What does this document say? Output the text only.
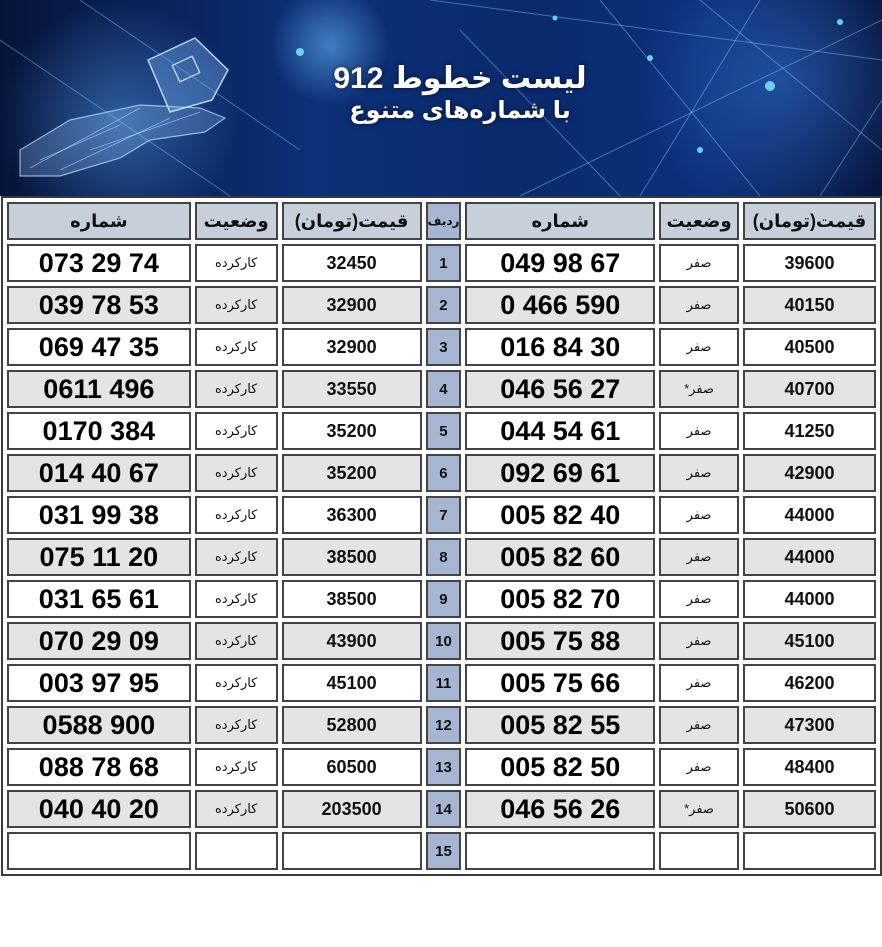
لیست خطوط 912
با شماره‌های متنوع
شماره	وضعیت	قیمت(تومان)	ردیف	شماره	وضعیت	قیمت(تومان)
073 29 74	کارکرده	32450	1	049 98 67	صفر	39600
039 78 53	کارکرده	32900	2	0 466 590	صفر	40150
069 47 35	کارکرده	32900	3	016 84 30	صفر	40500
0611 496	کارکرده	33550	4	046 56 27	صفر*	40700
0170 384	کارکرده	35200	5	044 54 61	صفر	41250
014 40 67	کارکرده	35200	6	092 69 61	صفر	42900
031 99 38	کارکرده	36300	7	005 82 40	صفر	44000
075 11 20	کارکرده	38500	8	005 82 60	صفر	44000
031 65 61	کارکرده	38500	9	005 82 70	صفر	44000
070 29 09	کارکرده	43900	10	005 75 88	صفر	45100
003 97 95	کارکرده	45100	11	005 75 66	صفر	46200
0588 900	کارکرده	52800	12	005 82 55	صفر	47300
088 78 68	کارکرده	60500	13	005 82 50	صفر	48400
040 40 20	کارکرده	203500	14	046 56 26	صفر*	50600
			15			
